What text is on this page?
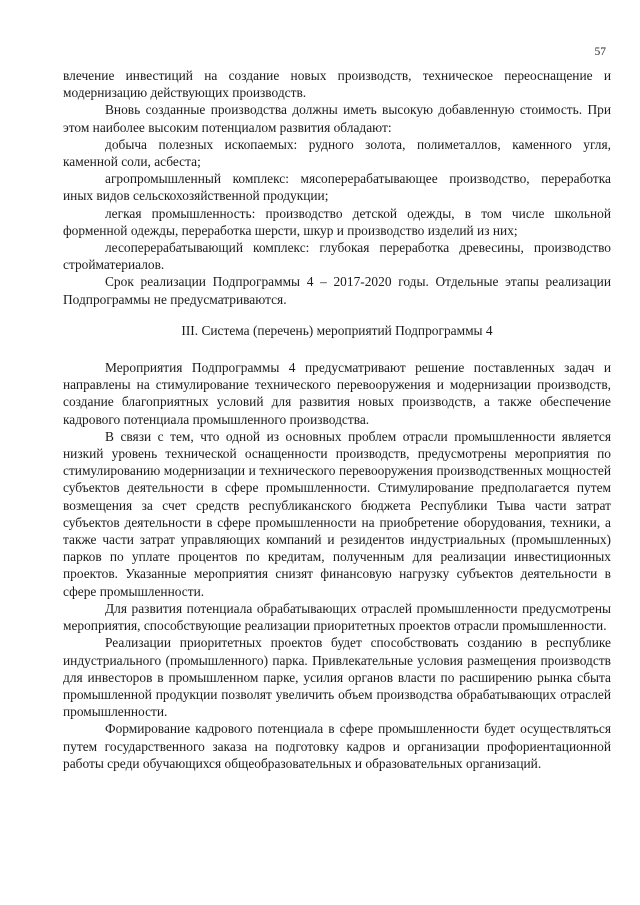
57

влечение инвестиций на создание новых производств, техническое переоснащение и модернизацию действующих производств.

Вновь созданные производства должны иметь высокую добавленную стоимость. При этом наиболее высоким потенциалом развития обладают:

добыча полезных ископаемых: рудного золота, полиметаллов, каменного угля, каменной соли, асбеста;

агропромышленный комплекс: мясоперерабатывающее производство, переработка иных видов сельскохозяйственной продукции;

легкая промышленность: производство детской одежды, в том числе школьной форменной одежды, переработка шерсти, шкур и производство изделий из них;

лесоперерабатывающий комплекс: глубокая переработка древесины, производство стройматериалов.

Срок реализации Подпрограммы 4 – 2017-2020 годы. Отдельные этапы реализации Подпрограммы не предусматриваются.

III. Система (перечень) мероприятий Подпрограммы 4

Мероприятия Подпрограммы 4 предусматривают решение поставленных задач и направлены на стимулирование технического перевооружения и модернизации производств, создание благоприятных условий для развития новых производств, а также обеспечение кадрового потенциала промышленного производства.

В связи с тем, что одной из основных проблем отрасли промышленности является низкий уровень технической оснащенности производств, предусмотрены мероприятия по стимулированию модернизации и технического перевооружения производственных мощностей субъектов деятельности в сфере промышленности. Стимулирование предполагается путем возмещения за счет средств республиканского бюджета Республики Тыва части затрат субъектов деятельности в сфере промышленности на приобретение оборудования, техники, а также части затрат управляющих компаний и резидентов индустриальных (промышленных) парков по уплате процентов по кредитам, полученным для реализации инвестиционных проектов. Указанные мероприятия снизят финансовую нагрузку субъектов деятельности в сфере промышленности.

Для развития потенциала обрабатывающих отраслей промышленности предусмотрены мероприятия, способствующие реализации приоритетных проектов отрасли промышленности.

Реализации приоритетных проектов будет способствовать созданию в республике индустриального (промышленного) парка. Привлекательные условия размещения производств для инвесторов в промышленном парке, усилия органов власти по расширению рынка сбыта промышленной продукции позволят увеличить объем производства обрабатывающих отраслей промышленности.

Формирование кадрового потенциала в сфере промышленности будет осуществляться путем государственного заказа на подготовку кадров и организации профориентационной работы среди обучающихся общеобразовательных и образовательных организаций.
